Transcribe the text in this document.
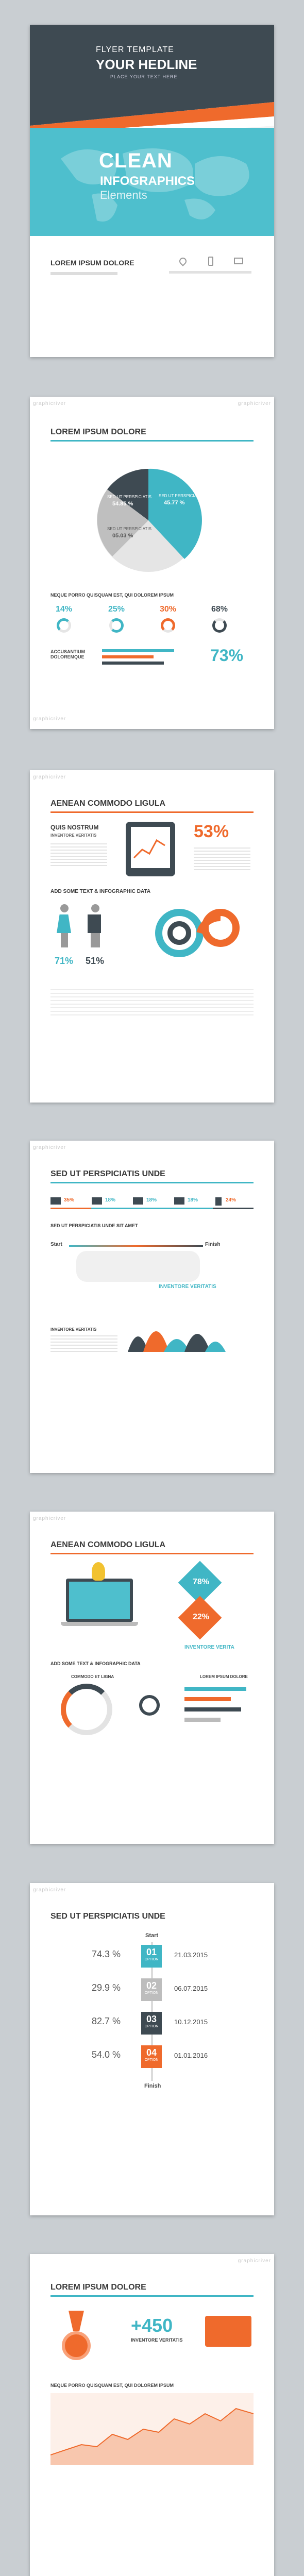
FLYER TEMPLATE
YOUR HEDLINE
PLACE YOUR TEXT HERE
CLEAN
INFOGRAPHICS
Elements
LOREM IPSUM DOLORE
graphicriver	graphicriver
LOREM IPSUM DOLORE
SED UT PERSPICIATIS
54.85 %
SED UT PERSPICIATIS
45.77 %
SED UT PERSPICIATIS
05.03 %
NEQUE PORRO QUISQUAM EST, QUI DOLOREM IPSUM
14%	25%	30%	68%
ACCUSANTIUM DOLOREMQUE	73%
graphicriver
graphicriver
AENEAN COMMODO LIGULA
QUIS NOSTRUM
INVENTORE VERITATIS	53%
ADD SOME TEXT & INFOGRAPHIC DATA
71% 51%
graphicriver
SED UT PERSPICIATIS UNDE
35%	18%	18%	18%	24%
SED UT PERSPICIATIS UNDE SIT AMET
Start	Finish
INVENTORE VERITATIS
INVENTORE VERITATIS
graphicriver
AENEAN COMMODO LIGULA
78%
22%
INVENTORE VERITA
ADD SOME TEXT & INFOGRAPHIC DATA
COMMODO ET LIGNA	LOREM IPSUM DOLORE
graphicriver
SED UT PERSPICIATIS UNDE
Start
74.3 %	01
OPTION
21.03.2015
29.9 %	02
OPTION
06.07.2015
82.7 %	03
OPTION
10.12.2015
54.0 %	04
OPTION
01.01.2016
Finish
graphicriver
LOREM IPSUM DOLORE
+450
INVENTORE VERITATIS
NEQUE PORRO QUISQUAM EST, QUI DOLOREM IPSUM
